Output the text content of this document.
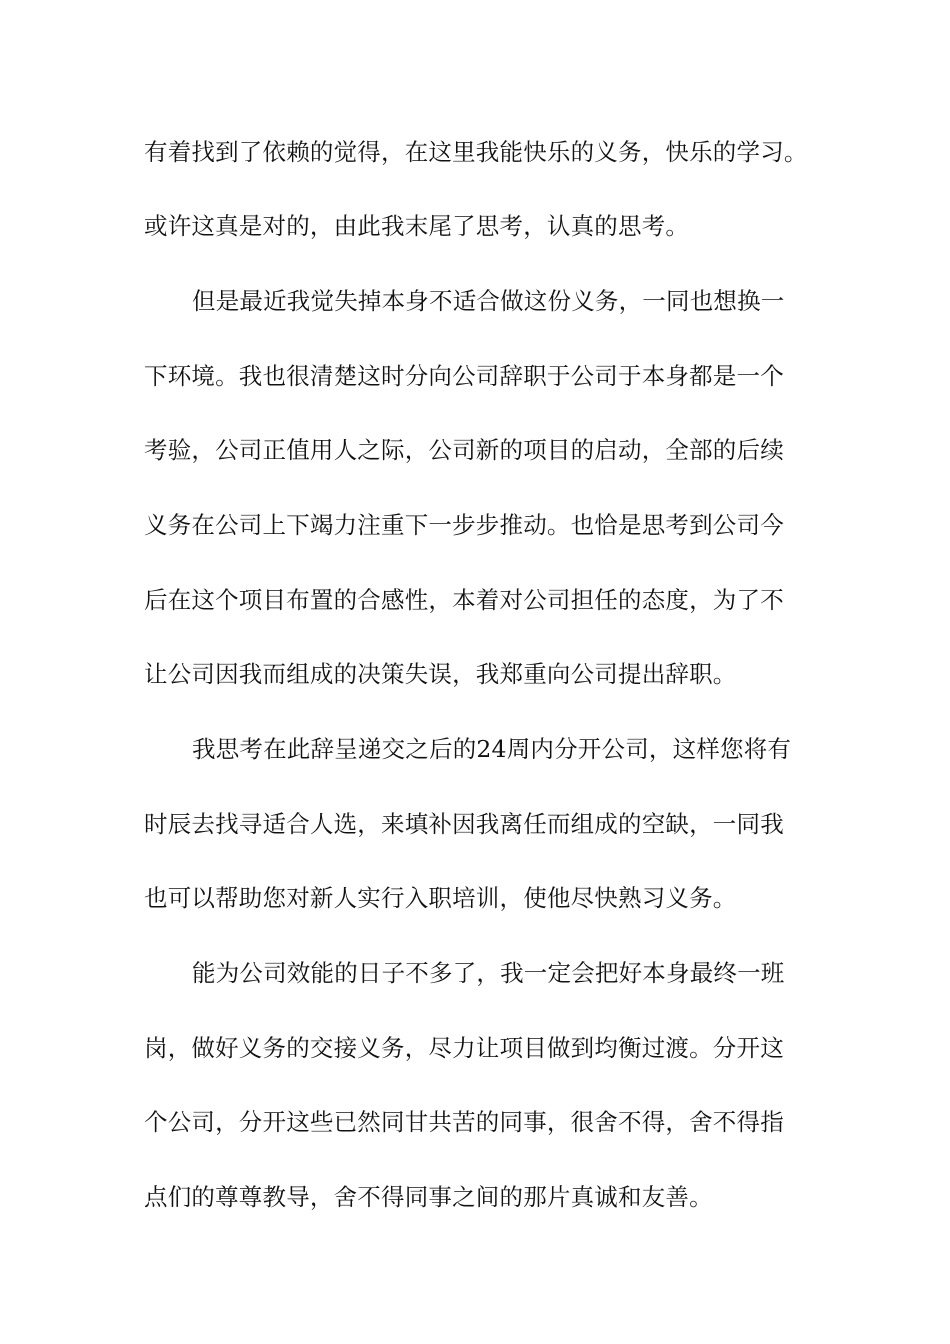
有着找到了依赖的觉得，在这里我能快乐的义务，快乐的学习。
或许这真是对的，由此我末尾了思考，认真的思考。
但是最近我觉失掉本身不适合做这份义务，一同也想换一
下环境。我也很清楚这时分向公司辞职于公司于本身都是一个
考验，公司正值用人之际，公司新的项目的启动，全部的后续
义务在公司上下竭力注重下一步步推动。也恰是思考到公司今
后在这个项目布置的合感性，本着对公司担任的态度，为了不
让公司因我而组成的决策失误，我郑重向公司提出辞职。
我思考在此辞呈递交之后的24周内分开公司，这样您将有
时辰去找寻适合人选，来填补因我离任而组成的空缺，一同我
也可以帮助您对新人实行入职培训，使他尽快熟习义务。
能为公司效能的日子不多了，我一定会把好本身最终一班
岗，做好义务的交接义务，尽力让项目做到均衡过渡。分开这
个公司，分开这些已然同甘共苦的同事，很舍不得，舍不得指
点们的尊尊教导，舍不得同事之间的那片真诚和友善。
